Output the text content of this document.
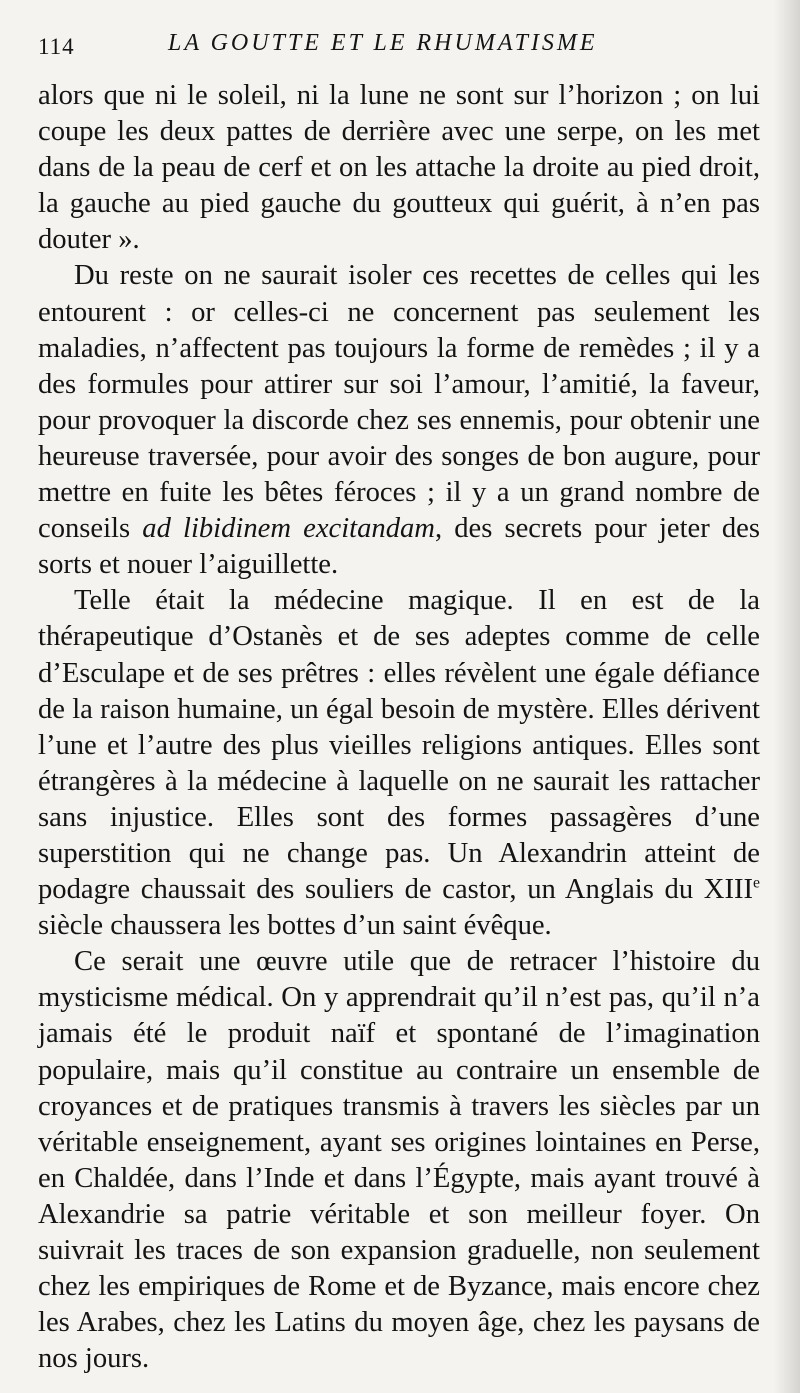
114	LA GOUTTE ET LE RHUMATISME

alors que ni le soleil, ni la lune ne sont sur l’horizon ; on lui coupe les deux pattes de derrière avec une serpe, on les met dans de la peau de cerf et on les attache la droite au pied droit, la gauche au pied gauche du goutteux qui guérit, à n’en pas douter ».

Du reste on ne saurait isoler ces recettes de celles qui les entourent : or celles-ci ne concernent pas seulement les maladies, n’affectent pas toujours la forme de remèdes ; il y a des formules pour attirer sur soi l’amour, l’amitié, la faveur, pour provoquer la discorde chez ses ennemis, pour obtenir une heureuse traversée, pour avoir des songes de bon augure, pour mettre en fuite les bêtes féroces ; il y a un grand nombre de conseils ad libidinem excitandam, des secrets pour jeter des sorts et nouer l’aiguillette.

Telle était la médecine magique. Il en est de la thérapeutique d’Ostanès et de ses adeptes comme de celle d’Esculape et de ses prêtres : elles révèlent une égale défiance de la raison humaine, un égal besoin de mystère. Elles dérivent l’une et l’autre des plus vieilles religions antiques. Elles sont étrangères à la médecine à laquelle on ne saurait les rattacher sans injustice. Elles sont des formes passagères d’une superstition qui ne change pas. Un Alexandrin atteint de podagre chaussait des souliers de castor, un Anglais du XIIIe siècle chaussera les bottes d’un saint évêque.

Ce serait une œuvre utile que de retracer l’histoire du mysticisme médical. On y apprendrait qu’il n’est pas, qu’il n’a jamais été le produit naïf et spontané de l’imagination populaire, mais qu’il constitue au contraire un ensemble de croyances et de pratiques transmis à travers les siècles par un véritable enseignement, ayant ses origines lointaines en Perse, en Chaldée, dans l’Inde et dans l’Égypte, mais ayant trouvé à Alexandrie sa patrie véritable et son meilleur foyer. On suivrait les traces de son expansion graduelle, non seulement chez les empiriques de Rome et de Byzance, mais encore chez les Arabes, chez les Latins du moyen âge, chez les paysans de nos jours.
